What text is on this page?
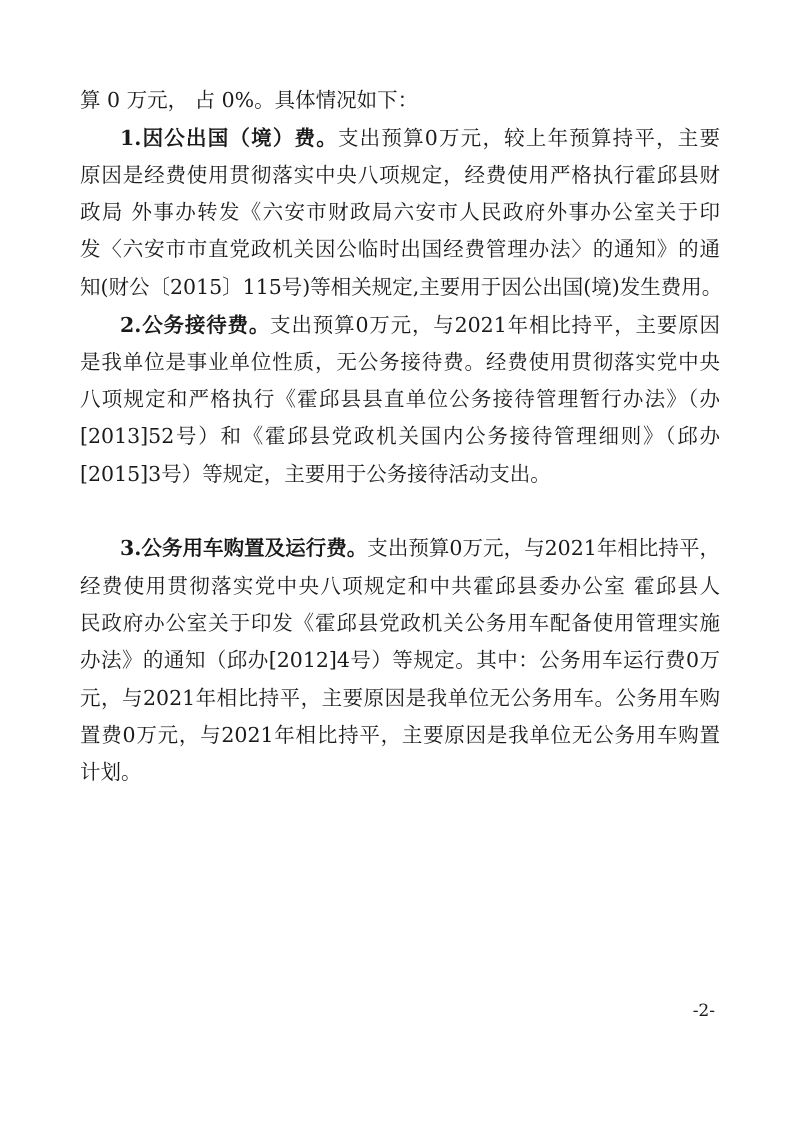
算 0 万元， 占 0%。具体情况如下：
1.因公出国（境）费。支出预算0万元，较上年预算持平，主要
原因是经费使用贯彻落实中央八项规定，经费使用严格执行霍邱县财
政局 外事办转发《六安市财政局六安市人民政府外事办公室关于印
发〈六安市市直党政机关因公临时出国经费管理办法〉的通知》的通
知(财公〔2015〕115号)等相关规定,主要用于因公出国(境)发生费用。
2.公务接待费。支出预算0万元，与2021年相比持平，主要原因
是我单位是事业单位性质，无公务接待费。经费使用贯彻落实党中央
八项规定和严格执行《霍邱县县直单位公务接待管理暂行办法》（办
[2013]52号）和《霍邱县党政机关国内公务接待管理细则》（邱办
[2015]3号）等规定，主要用于公务接待活动支出。
3.公务用车购置及运行费。支出预算0万元，与2021年相比持平，
经费使用贯彻落实党中央八项规定和中共霍邱县委办公室 霍邱县人
民政府办公室关于印发《霍邱县党政机关公务用车配备使用管理实施
办法》的通知（邱办[2012]4号）等规定。其中：公务用车运行费0万
元，与2021年相比持平，主要原因是我单位无公务用车。公务用车购
置费0万元，与2021年相比持平，主要原因是我单位无公务用车购置
计划。
-2-
